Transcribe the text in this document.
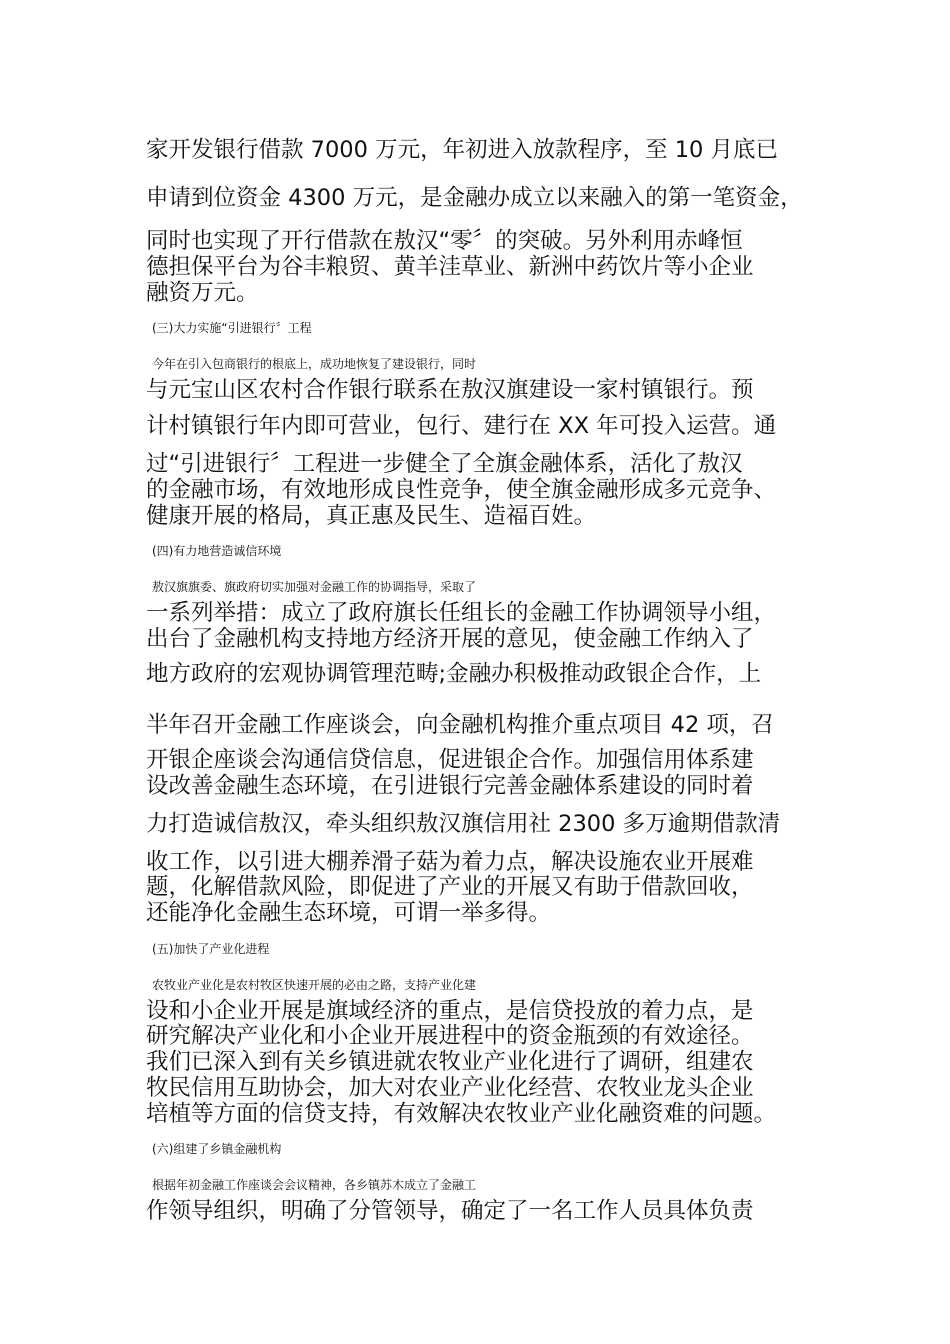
家开发银行借款 7000 万元，年初进入放款程序，至 10 月底已
申请到位资金 4300 万元，是金融办成立以来融入的第一笔资金，
同时也实现了开行借款在敖汉“零〞的突破。另外利用赤峰恒
德担保平台为谷丰粮贸、黄羊洼草业、新洲中药饮片等小企业
融资万元。
(三)大力实施“引进银行〞工程
今年在引入包商银行的根底上，成功地恢复了建设银行，同时
与元宝山区农村合作银行联系在敖汉旗建设一家村镇银行。预
计村镇银行年内即可营业，包行、建行在 XX 年可投入运营。通
过“引进银行〞工程进一步健全了全旗金融体系，活化了敖汉
的金融市场，有效地形成良性竞争，使全旗金融形成多元竞争、
健康开展的格局，真正惠及民生、造福百姓。
(四)有力地营造诚信环境
敖汉旗旗委、旗政府切实加强对金融工作的协调指导，采取了
一系列举措：成立了政府旗长任组长的金融工作协调领导小组，
出台了金融机构支持地方经济开展的意见，使金融工作纳入了
地方政府的宏观协调管理范畴;金融办积极推动政银企合作，上
半年召开金融工作座谈会，向金融机构推介重点项目 42 项，召
开银企座谈会沟通信贷信息，促进银企合作。加强信用体系建
设改善金融生态环境，在引进银行完善金融体系建设的同时着
力打造诚信敖汉，牵头组织敖汉旗信用社 2300 多万逾期借款清
收工作，以引进大棚养滑子菇为着力点，解决设施农业开展难
题，化解借款风险，即促进了产业的开展又有助于借款回收，
还能净化金融生态环境，可谓一举多得。
(五)加快了产业化进程
农牧业产业化是农村牧区快速开展的必由之路，支持产业化建
设和小企业开展是旗域经济的重点，是信贷投放的着力点，是
研究解决产业化和小企业开展进程中的资金瓶颈的有效途径。
我们已深入到有关乡镇进就农牧业产业化进行了调研，组建农
牧民信用互助协会，加大对农业产业化经营、农牧业龙头企业
培植等方面的信贷支持，有效解决农牧业产业化融资难的问题。
(六)组建了乡镇金融机构
根据年初金融工作座谈会会议精神，各乡镇苏木成立了金融工
作领导组织，明确了分管领导，确定了一名工作人员具体负责
